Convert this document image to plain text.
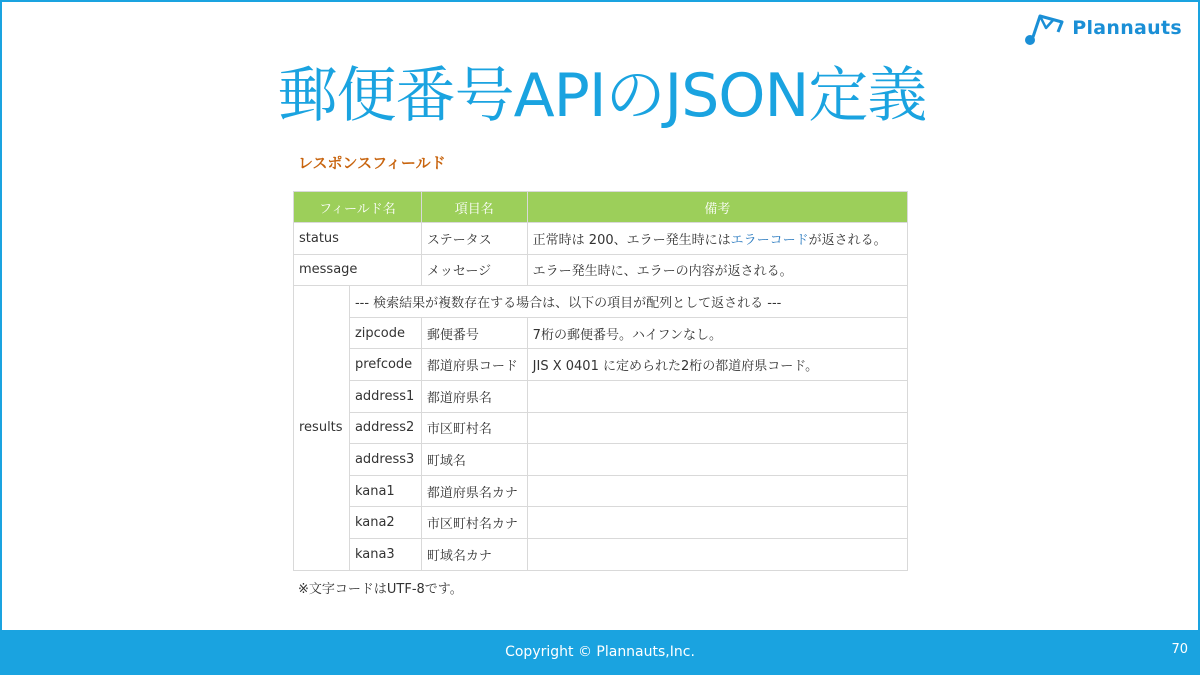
Plannauts
郵便番号APIのJSON定義
レスポンスフィールド
フィールド名		項目名	備考
status		ステータス	正常時は 200、エラー発生時にはエラーコードが返される。
message		メッセージ	エラー発生時に、エラーの内容が返される。
results	--- 検索結果が複数存在する場合は、以下の項目が配列として返される ---		
	zipcode	郵便番号	7桁の郵便番号。ハイフンなし。
	prefcode	都道府県コード	JIS X 0401 に定められた2桁の都道府県コード。
	address1	都道府県名	
	address2	市区町村名	
	address3	町域名	
	kana1	都道府県名カナ	
	kana2	市区町村名カナ	
	kana3	町域名カナ	
※文字コードはUTF-8です。
Copyright © Plannauts,Inc.	70
